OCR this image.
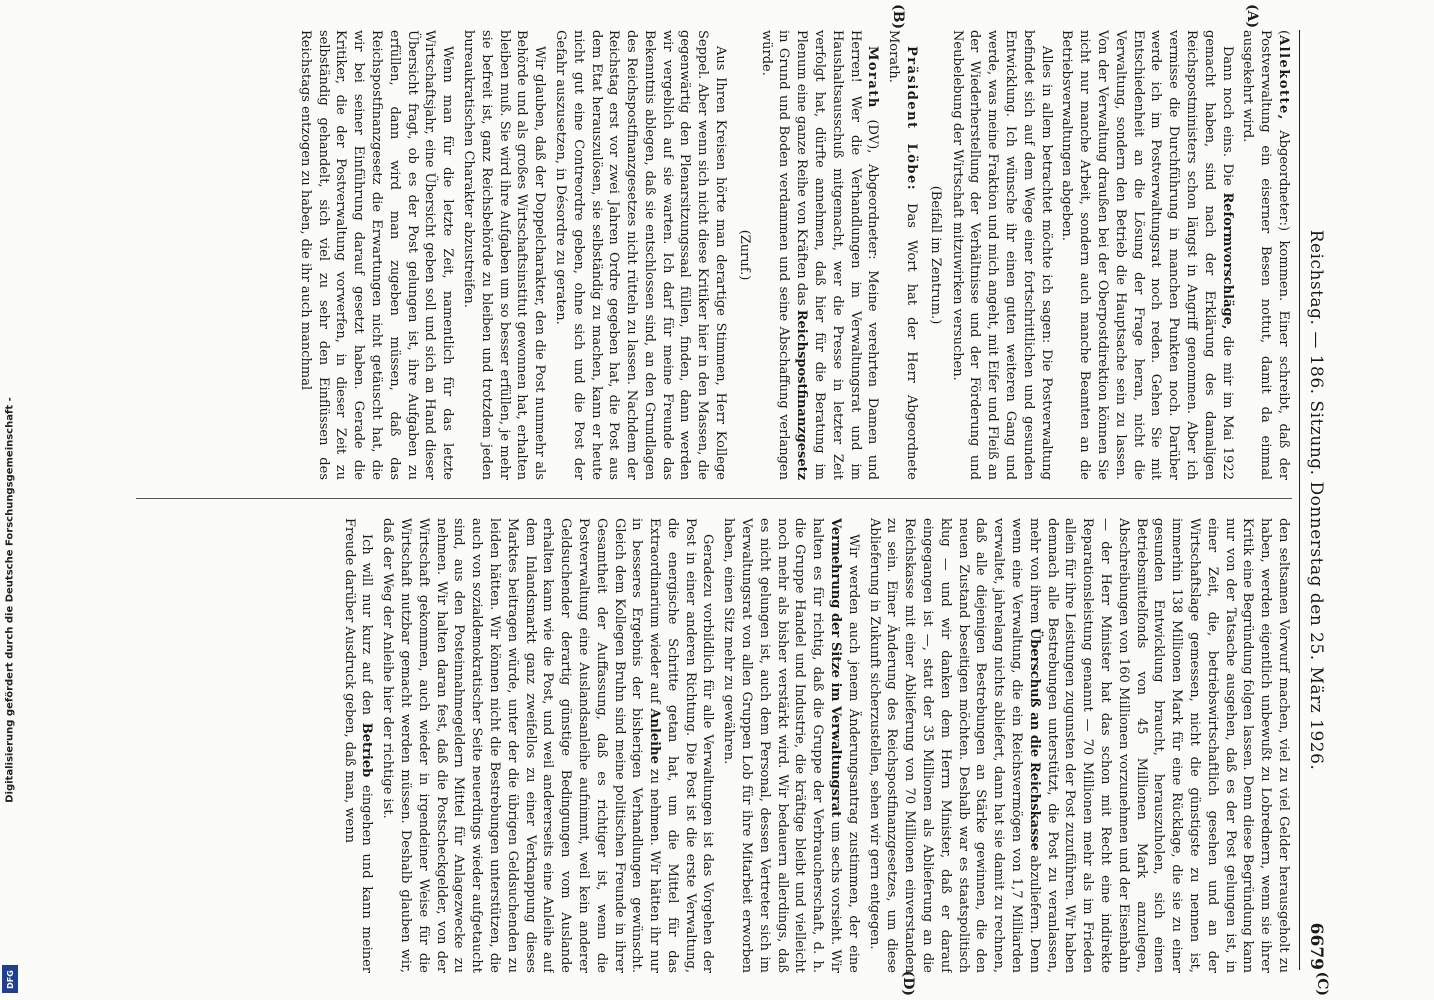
Digitalisierung gefördert durch die Deutsche Forschungsgemeinschaft -
DFG
Reichstag. — 186. Sitzung. Donnerstag den 25. März 1926.
6679
(A)
(B)
(C)
(D)

(Allekotte, Abgeordneter:) kommen. Einer schreibt, daß der Postverwaltung ein eiserner Besen nottut, damit da einmal ausgekehrt wird.

Dann noch eins. Die Reformvorschläge, die mir im Mai 1922 gemacht haben, sind nach der Erklärung des damaligen Reichspostministers schon längst in Angriff genommen. Aber ich vermisse die Durchführung in manchen Punkten noch. Darüber werde ich im Postverwaltungsrat noch reden. Gehen Sie mit Entschiedenheit an die Lösung der Frage heran, nicht die Verwaltung, sondern den Betrieb die Hauptsache sein zu lassen. Von der Verwaltung draußen bei der Oberpostdirektion können Sie nicht nur manche Arbeit, sondern auch manche Beamten an die Betriebsverwaltungen abgeben.

Alles in allem betrachtet möchte ich sagen: Die Postverwaltung befindet sich auf dem Wege einer fortschrittlichen und gesunden Entwicklung. Ich wünsche ihr einen guten weiteren Gang und werde, was meine Fraktion und mich angeht, mit Eifer und Fleiß an der Wiederherstellung der Verhältnisse und der Förderung und Neubelebung der Wirtschaft mitzuwirken versuchen.

(Beifall im Zentrum.)

Präsident Löbe: Das Wort hat der Herr Abgeordnete Morath.

Morath (DV), Abgeordneter: Meine verehrten Damen und Herren! Wer die Verhandlungen im Verwaltungsrat und im Haushaltsausschuß mitgemacht, wer die Presse in letzter Zeit verfolgt hat, dürfte annehmen, daß hier für die Beratung im Plenum eine ganze Reihe von Kräften das Reichspostfinanzgesetz in Grund und Boden verdammen und seine Abschaffung verlangen würde.

(Zuruf.)

Aus Ihren Kreisen hörte man derartige Stimmen, Herr Kollege Seppel. Aber wenn sich nicht diese Kritiker hier in den Massen, die gegenwärtig den Plenarsitzungssaal füllen, finden, dann werden wir vergeblich auf sie warten. Ich darf für meine Freunde das Bekenntnis ablegen, daß sie entschlossen sind, an den Grundlagen des Reichspostfinanzgesetzes nicht rütteln zu lassen. Nachdem der Reichstag erst vor zwei Jahren Ordre gegeben hat, die Post aus dem Etat herauszulösen, sie selbständig zu machen, kann er heute nicht gut eine Contreordre geben, ohne sich und die Post der Gefahr auszusetzen, in Désordre zu geraten.

Wir glauben, daß der Doppelcharakter, den die Post nunmehr als Behörde und als großes Wirtschaftsinstitut gewonnen hat, erhalten bleiben muß. Sie wird ihre Aufgaben um so besser erfüllen, je mehr sie befreit ist, ganz Reichsbehörde zu bleiben und trotzdem jeden bureaukratischen Charakter abzustreifen.

Wenn man für die letzte Zeit, namentlich für das letzte Wirtschaftsjahr, eine Übersicht geben soll und sich an Hand dieser Übersicht fragt, ob es der Post gelungen ist, ihre Aufgaben zu erfüllen, dann wird man zugeben müssen, daß das Reichspostfinanzgesetz die Erwartungen nicht getäuscht hat, die wir bei seiner Einführung darauf gesetzt haben. Gerade die Kritiker, die der Postverwaltung vorwerfen, in dieser Zeit zu selbständig gehandelt, sich viel zu sehr den Einflüssen des Reichstags entzogen zu haben, die ihr auch manchmal

den seltsamen Vorwurf machen, viel zu viel Gelder herausgeholt zu haben, werden eigentlich unbewußt zu Lobrednern, wenn sie ihrer Kritik eine Begründung folgen lassen. Denn diese Begründung kann nur von der Tatsache ausgehen, daß es der Post gelungen ist, in einer Zeit, die, betriebswirtschaftlich gesehen und an der Wirtschaftslage gemessen, nicht die günstigste zu nennen ist, immerhin 138 Millionen Mark für eine Rücklage, die sie zu einer gesunden Entwicklung braucht, herauszuholen, sich einen Betriebsmittelfonds von 45 Millionen Mark anzulegen, Abschreibungen von 160 Millionen vorzunehmen und der Eisenbahn — der Herr Minister hat das schon mit Recht eine indirekte Reparationsleistung genannt — 70 Millionen mehr als im Frieden allein für ihre Leistungen zugunsten der Post zuzuführen. Wir haben demnach alle Bestrebungen unterstützt, die Post zu veranlassen, mehr von ihrem Überschuß an die Reichskasse abzuliefern. Denn wenn eine Verwaltung, die ein Reichsvermögen von 1,7 Milliarden verwaltet, jahrelang nichts abliefert, dann hat sie damit zu rechnen, daß alle diejenigen Bestrebungen an Stärke gewinnen, die den neuen Zustand beseitigen möchten. Deshalb war es staatspolitisch klug — und wir danken dem Herrn Minister, daß er darauf eingegangen ist —, statt der 35 Millionen als Ablieferung an die Reichskasse mit einer Ablieferung von 70 Millionen einverstanden zu sein. Einer Änderung des Reichspostfinanzgesetzes, um diese Ablieferung in Zukunft sicherzustellen, sehen wir gern entgegen.

Wir werden auch jenem Änderungsantrag zustimmen, der eine Vermehrung der Sitze im Verwaltungsrat um sechs vorsieht. Wir halten es für richtig, daß die Gruppe der Verbraucherschaft, d. h. die Gruppe Handel und Industrie, die kräftige bleibt und vielleicht noch mehr als bisher verstärkt wird. Wir bedauern allerdings, daß es nicht gelungen ist, auch dem Personal, dessen Vertreter sich im Verwaltungsrat von allen Gruppen Lob für ihre Mitarbeit erworben haben, einen Sitz mehr zu gewähren.

Geradezu vorbildlich für alle Verwaltungen ist das Vorgehen der Post in einer anderen Richtung. Die Post ist die erste Verwaltung, die energische Schritte getan hat, um die Mittel für das Extraordinarium wieder auf Anleihe zu nehmen. Wir hätten ihr nur in besseres Ergebnis der bisherigen Verhandlungen gewünscht. Gleich dem Kollegen Bruhn sind meine politischen Freunde in ihrer Gesamtheit der Auffassung, daß es richtiger ist, wenn die Postverwaltung eine Auslandsanleihe aufnimmt, weil kein anderer Geldsuchender derartig günstige Bedingungen vom Auslande erhalten kann wie die Post, und weil andererseits eine Anleihe auf dem Inlandsmarkt ganz zweifellos zu einer Verknappung dieses Marktes beitragen würde, unter der die übrigen Geldsuchenden zu leiden hätten. Wir können nicht die Bestrebungen unterstützen, die auch von sozialdemokratischer Seite neuerdings wieder aufgetaucht sind, aus den Posteinnahmegeldern Mittel für Anlagezwecke zu nehmen. Wir halten daran fest, daß die Postscheckgelder, von der Wirtschaft gekommen, auch wieder in irgendeiner Weise für die Wirtschaft nutzbar gemacht werden müssen. Deshalb glauben wir, daß der Weg der Anleihe hier der richtige ist.

Ich will nur kurz auf den Betrieb eingehen und kann meiner Freude darüber Ausdruck geben, daß man, wenn
